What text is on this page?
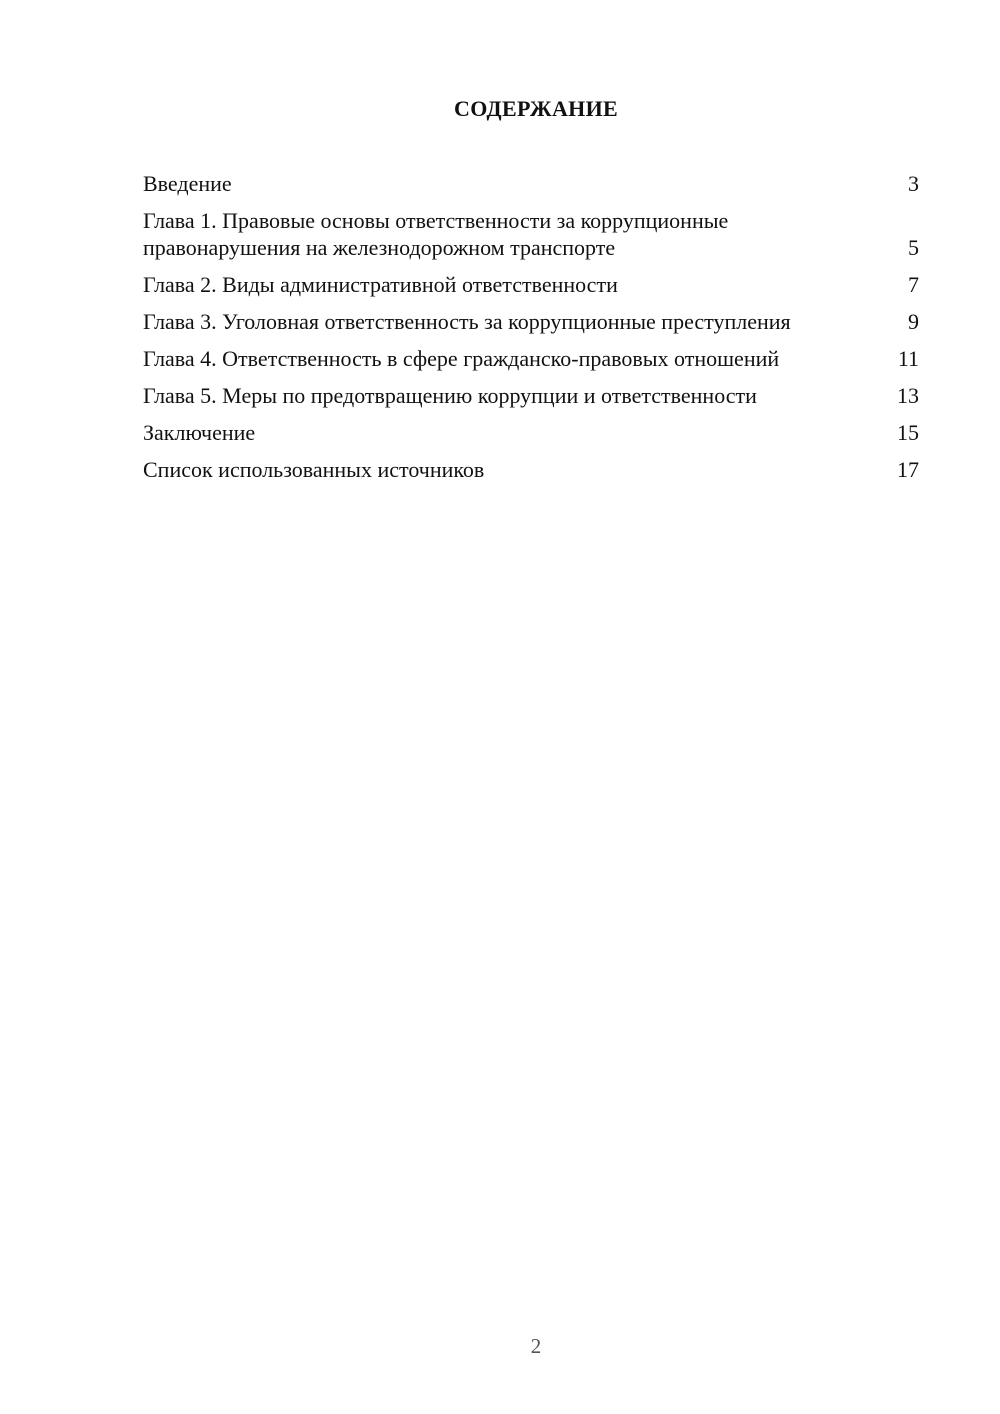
СОДЕРЖАНИЕ
Введение	3
Глава 1. Правовые основы ответственности за коррупционные правонарушения на железнодорожном транспорте	5
Глава 2. Виды административной ответственности	7
Глава 3. Уголовная ответственность за коррупционные преступления	9
Глава 4. Ответственность в сфере гражданско-правовых отношений	11
Глава 5. Меры по предотвращению коррупции и ответственности	13
Заключение	15
Список использованных источников	17
2
